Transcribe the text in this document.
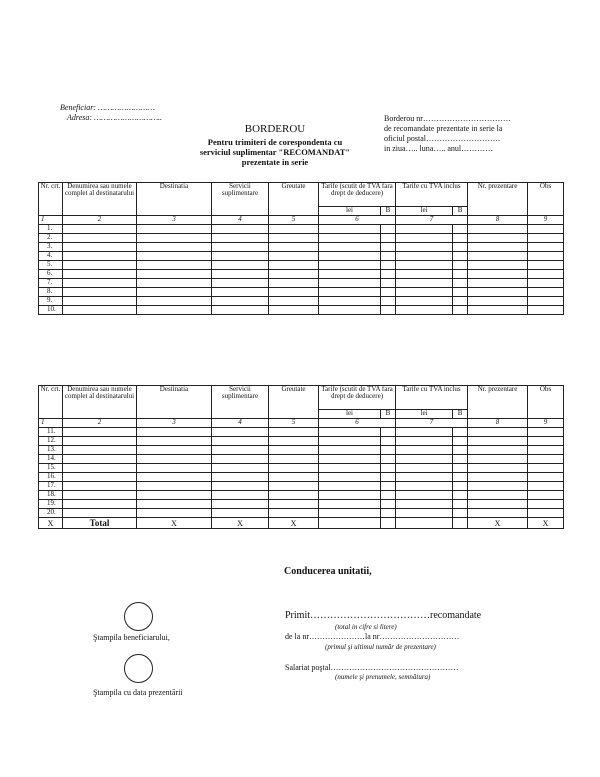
Beneficiar: ……………………
Adresa: ………………………..
BORDEROU
Pentru trimiteri de corespondenta cu
serviciul suplimentar "RECOMANDAT"
prezentate in serie
Borderou nr……………………………
de recomandate prezentate in serie la
oficiul postal……………………….
in ziua….. luna….. anul…………
Nr. crt.	Denumirea sau numele complet al destinatarului	Destinatia	Servicii suplimentare	Greutate	Tarife (scutit de TVA fara drept de deducere)		Tarife cu TVA inclus		Nr. prezentare	Obs
					lei	B	lei	B		
1	2	3	4	5	6		7		8	9
1.										
2.										
3.										
4.										
5.										
6.										
7.										
8.										
9.										
10.										
Nr. crt.	Denumirea sau numele complet al destinatarului	Destinatia	Servicii suplimentare	Greutate	Tarife (scutit de TVA fara drept de deducere)		Tarife cu TVA inclus		Nr. prezentare	Obs
					lei	B	lei	B		
1	2	3	4	5	6		7		8	9
11.										
12.										
13.										
14.										
15.										
16.										
17.										
18.										
19.										
20.										
X	Total	X	X	X					X	X
Conducerea unitatii,
Ştampila beneficiarului,
Ştampila cu data prezentării
Primit………………………………recomandate
(total in cifre si litere)
de la nr…………………la nr…………………………
(primul şi ultimul număr de prezentare)
Salariat poştal…………………………………………
(numele şi prenumele, semnătura)
